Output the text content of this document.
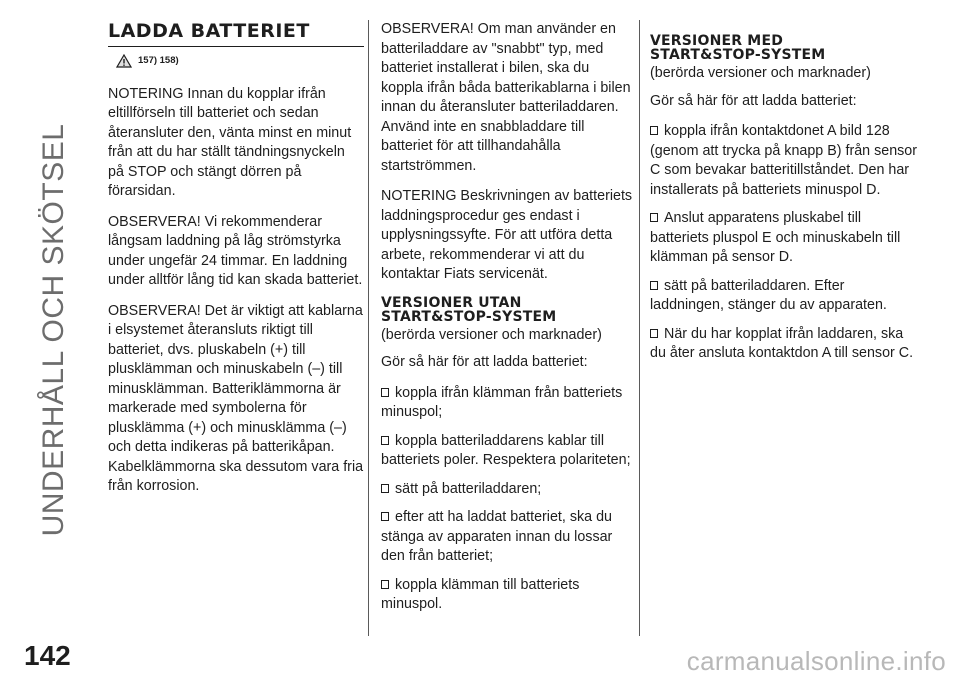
UNDERHÅLL OCH SKÖTSEL
142	carmanualsonline.info
LADDA BATTERIET
157) 158)

NOTERING Innan du kopplar ifrån eltillförseln till batteriet och sedan återansluter den, vänta minst en minut från att du har ställt tändningsnyckeln på STOP och stängt dörren på förarsidan.

OBSERVERA! Vi rekommenderar långsam laddning på låg strömstyrka under ungefär 24 timmar. En laddning under alltför lång tid kan skada batteriet.

OBSERVERA! Det är viktigt att kablarna i elsystemet återansluts riktigt till batteriet, dvs. pluskabeln (+) till plusklämman och minuskabeln (–) till minusklämman. Batteriklämmorna är markerade med symbolerna för plusklämma (+) och minusklämma (–) och detta indikeras på batterikåpan. Kabelklämmorna ska dessutom vara fria från korrosion.

OBSERVERA! Om man använder en batteriladdare av "snabbt" typ, med batteriet installerat i bilen, ska du koppla ifrån båda batterikablarna i bilen innan du återansluter batteriladdaren. Använd inte en snabbladdare till batteriet för att tillhandahålla startströmmen.

NOTERING Beskrivningen av batteriets laddningsprocedur ges endast i upplysningssyfte. För att utföra detta arbete, rekommenderar vi att du kontaktar Fiats servicenät.

VERSIONER UTAN
START&STOP-SYSTEM
(berörda versioner och marknader)

Gör så här för att ladda batteriet:

koppla ifrån klämman från batteriets minuspol;
koppla batteriladdarens kablar till batteriets poler. Respektera polariteten;
sätt på batteriladdaren;
efter att ha laddat batteriet, ska du stänga av apparaten innan du lossar den från batteriet;
koppla klämman till batteriets minuspol.
VERSIONER MED
START&STOP-SYSTEM
(berörda versioner och marknader)

Gör så här för att ladda batteriet:

koppla ifrån kontaktdonet A bild 128 (genom att trycka på knapp B) från sensor C som bevakar batteritillståndet. Den har installerats på batteriets minuspol D.
Anslut apparatens pluskabel till batteriets pluspol E och minuskabeln till klämman på sensor D.
sätt på batteriladdaren. Efter laddningen, stänger du av apparaten.
När du har kopplat ifrån laddaren, ska du åter ansluta kontaktdon A till sensor C.
